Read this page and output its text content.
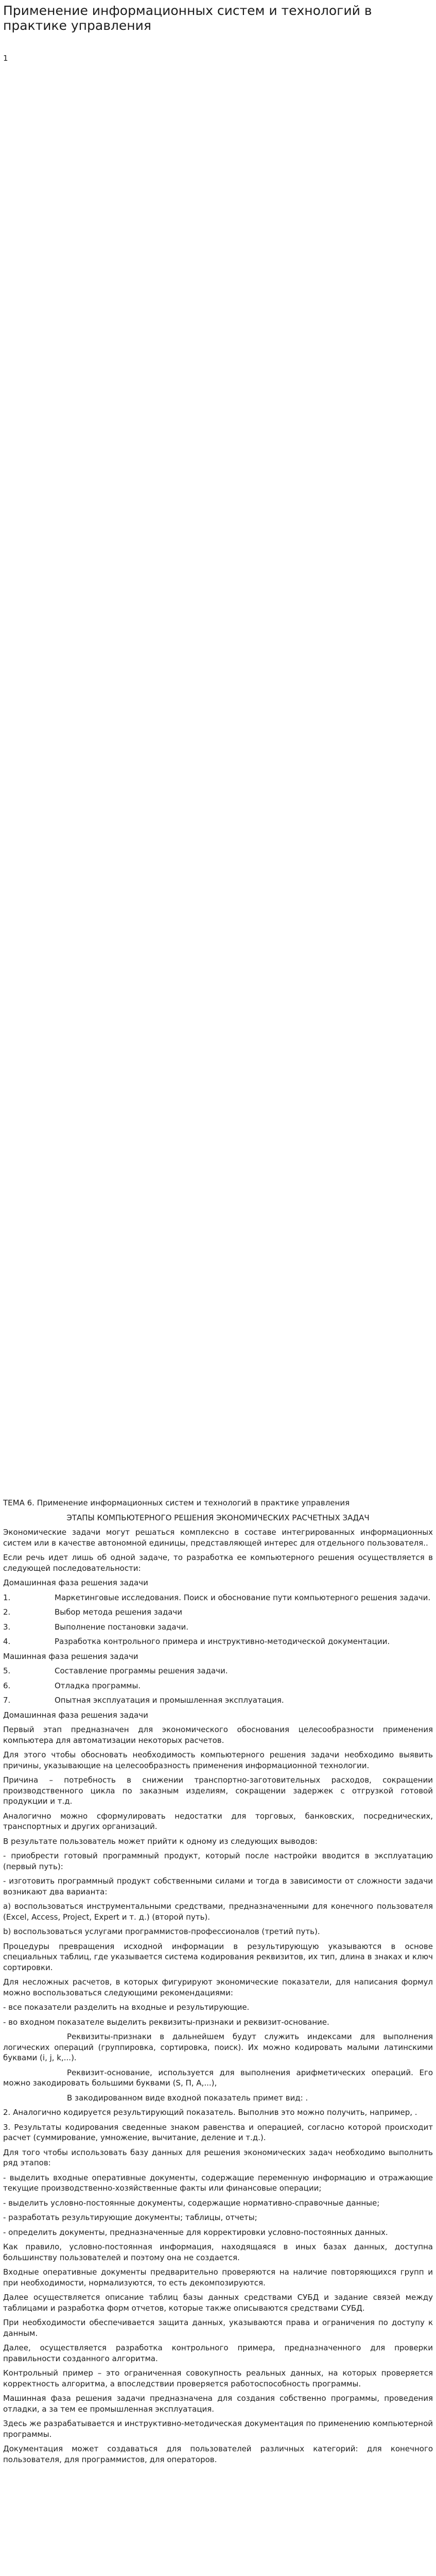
Применение информационных систем и технологий в практике управления
1

ТЕМА 6. Применение информационных систем и технологий в практике управления

ЭТАПЫ КОМПЬЮТЕРНОГО РЕШЕНИЯ ЭКОНОМИЧЕСКИХ РАСЧЕТНЫХ ЗАДАЧ

Экономические задачи могут решаться комплексно в составе интегрированных информационных систем или в качестве автономной единицы, представляющей интерес для отдельного пользователя..

Если речь идет лишь об одной задаче, то разработка ее компьютерного решения осуществляется в следующей последовательности:

Домашинная фаза решения задачи

1.	Маркетинговые исследования. Поиск и обоснование пути компьютерного решения задачи.
2.	Выбор метода решения задачи
3.	Выполнение постановки задачи.
4.	Разработка контрольного примера и инструктивно-методической документации.

Машинная фаза решения задачи

5.	Составление программы решения задачи.
6.	Отладка программы.
7.	Опытная эксплуатация и промышленная эксплуатация.

Домашинная фаза решения задачи

Первый этап предназначен для экономического обоснования целесообразности применения компьютера для автоматизации некоторых расчетов.

Для этого чтобы обосновать необходимость компьютерного решения задачи необходимо выявить причины, указывающие на целесообразность применения информационной технологии.

Причина – потребность в снижении транспортно-заготовительных расходов, сокращении производственного цикла по заказным изделиям, сокращении задержек с отгрузкой готовой продукции и т.д.

Аналогично можно сформулировать недостатки для торговых, банковских, посреднических, транспортных и других организаций.

В результате пользователь может прийти к одному из следующих выводов:

- приобрести готовый программный продукт, который после настройки вводится в эксплуатацию (первый путь):

- изготовить программный продукт собственными силами и тогда в зависимости от сложности задачи возникают два варианта:

а) воспользоваться инструментальными средствами, предназначенными для конечного пользователя (Excel, Access, Project, Expert и т. д.) (второй путь).

b) воспользоваться услугами программистов-профессионалов (третий путь).

Процедуры превращения исходной информации в результирующую указываются в основе специальных таблиц, где указывается система кодирования реквизитов, их тип, длина в знаках и ключ сортировки.

Для несложных расчетов, в которых фигурируют экономические показатели, для написания формул можно воспользоваться следующими рекомендациями:

- все показатели разделить на входные и результирующие.

- во входном показателе выделить реквизиты-признаки и реквизит-основание.

Реквизиты-признаки в дальнейшем будут служить индексами для выполнения логических операций (группировка, сортировка, поиск). Их можно кодировать малыми латинскими буквами (i, j, k,...).

Реквизит-основание, используется для выполнения арифметических операций. Его можно закодировать большими буквами (S, П, А,...),

В закодированном виде входной показатель примет вид: .

2. Аналогично кодируется результирующий показатель. Выполнив это можно получить, например, .

3. Результаты кодирования сведенные знаком равенства и операцией, согласно которой происходит расчет (суммирование, умножение, вычитание, деление и т.д.).

Для того чтобы использовать базу данных для решения экономических задач необходимо выполнить ряд этапов:

- выделить входные оперативные документы, содержащие переменную информацию и отражающие текущие производственно-хозяйственные факты или финансовые операции;

- выделить условно-постоянные документы, содержащие нормативно-справочные данные;

- разработать результирующие документы; таблицы, отчеты;

- определить документы, предназначенные для корректировки условно-постоянных данных.

Как правило, условно-постоянная информация, находящаяся в иных базах данных, доступна большинству пользователей и поэтому она не создается.

Входные оперативные документы предварительно проверяются на наличие повторяющихся групп и при необходимости, нормализуются, то есть декомпозируются.

Далее осуществляется описание таблиц базы данных средствами СУБД и задание связей между таблицами и разработка форм отчетов, которые также описываются средствами СУБД.

При необходимости обеспечивается защита данных, указываются права и ограничения по доступу к данным.

Далее, осуществляется разработка контрольного примера, предназначенного для проверки правильности созданного алгоритма.

Контрольный пример – это ограниченная совокупность реальных данных, на которых проверяется корректность алгоритма, а впоследствии проверяется работоспособность программы.

Машинная фаза решения задачи предназначена для создания собственно программы, проведения отладки, а за тем ее промышленная эксплуатация.

Здесь же разрабатывается и инструктивно-методическая документация по применению компьютерной программы.

Документация может создаваться для пользователей различных категорий: для конечного пользователя, для программистов, для операторов.
